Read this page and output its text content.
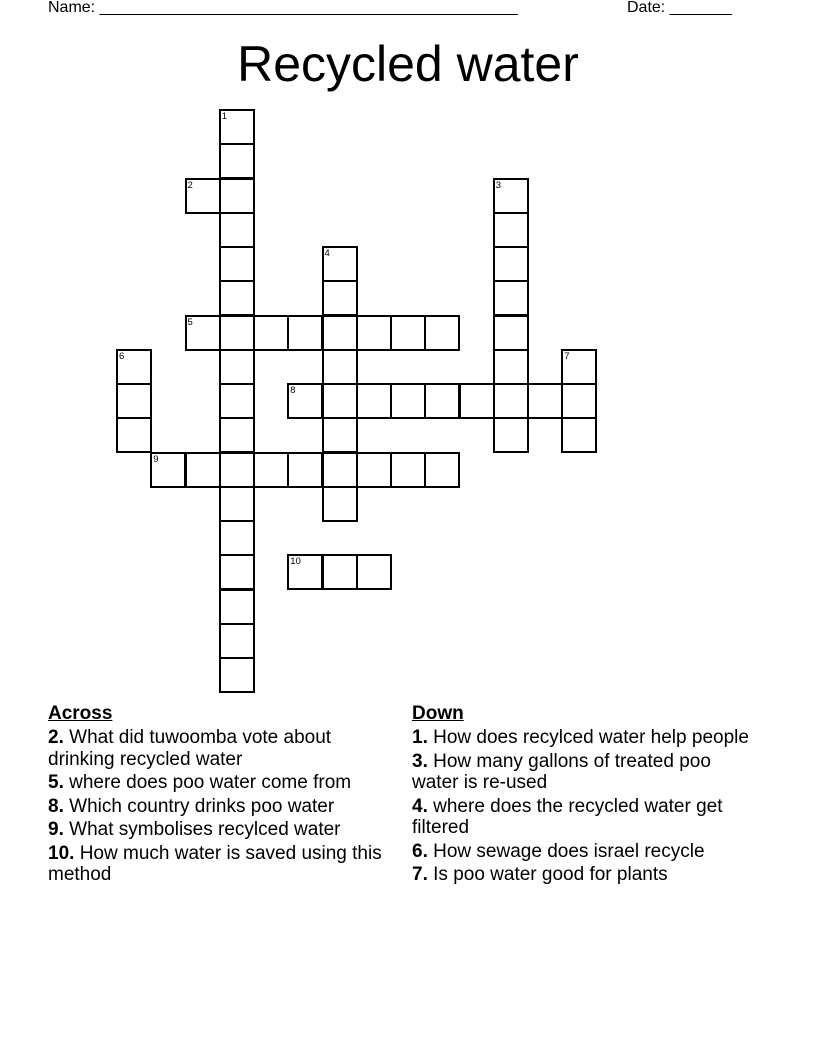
Name: _______________________________________________	Date: _______
Recycled water
1
2	3
4
5
6	7
8
9
10
Across
2. What did tuwoomba vote about drinking recycled water
5. where does poo water come from
8. Which country drinks poo water
9. What symbolises recylced water
10. How much water is saved using this method
Down
1. How does recylced water help people
3. How many gallons of treated poo water is re-used
4. where does the recycled water get filtered
6. How sewage does israel recycle
7. Is poo water good for plants
